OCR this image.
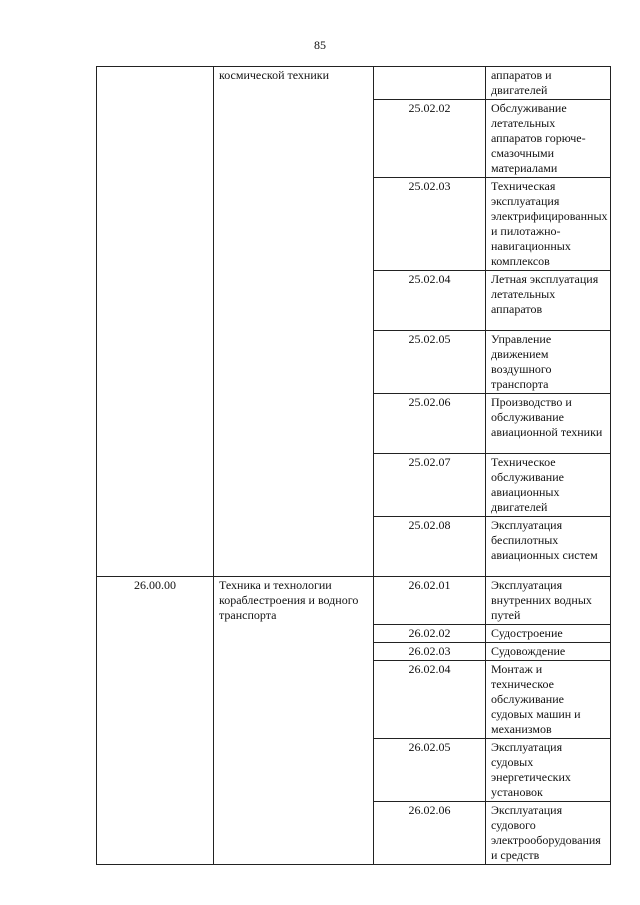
85
	космической техники		аппаратов и двигателей
		25.02.02	Обслуживание летательных аппаратов горюче-смазочными материалами
		25.02.03	Техническая эксплуатация электрифицированных и пилотажно-навигационных комплексов
		25.02.04	Летная эксплуатация летательных аппаратов
		25.02.05	Управление движением воздушного транспорта
		25.02.06	Производство и обслуживание авиационной техники
		25.02.07	Техническое обслуживание авиационных двигателей
		25.02.08	Эксплуатация беспилотных авиационных систем
26.00.00	Техника и технологии кораблестроения и водного транспорта	26.02.01	Эксплуатация внутренних водных путей
		26.02.02	Судостроение
		26.02.03	Судовождение
		26.02.04	Монтаж и техническое обслуживание судовых машин и механизмов
		26.02.05	Эксплуатация судовых энергетических установок
		26.02.06	Эксплуатация судового электрооборудования и средств
